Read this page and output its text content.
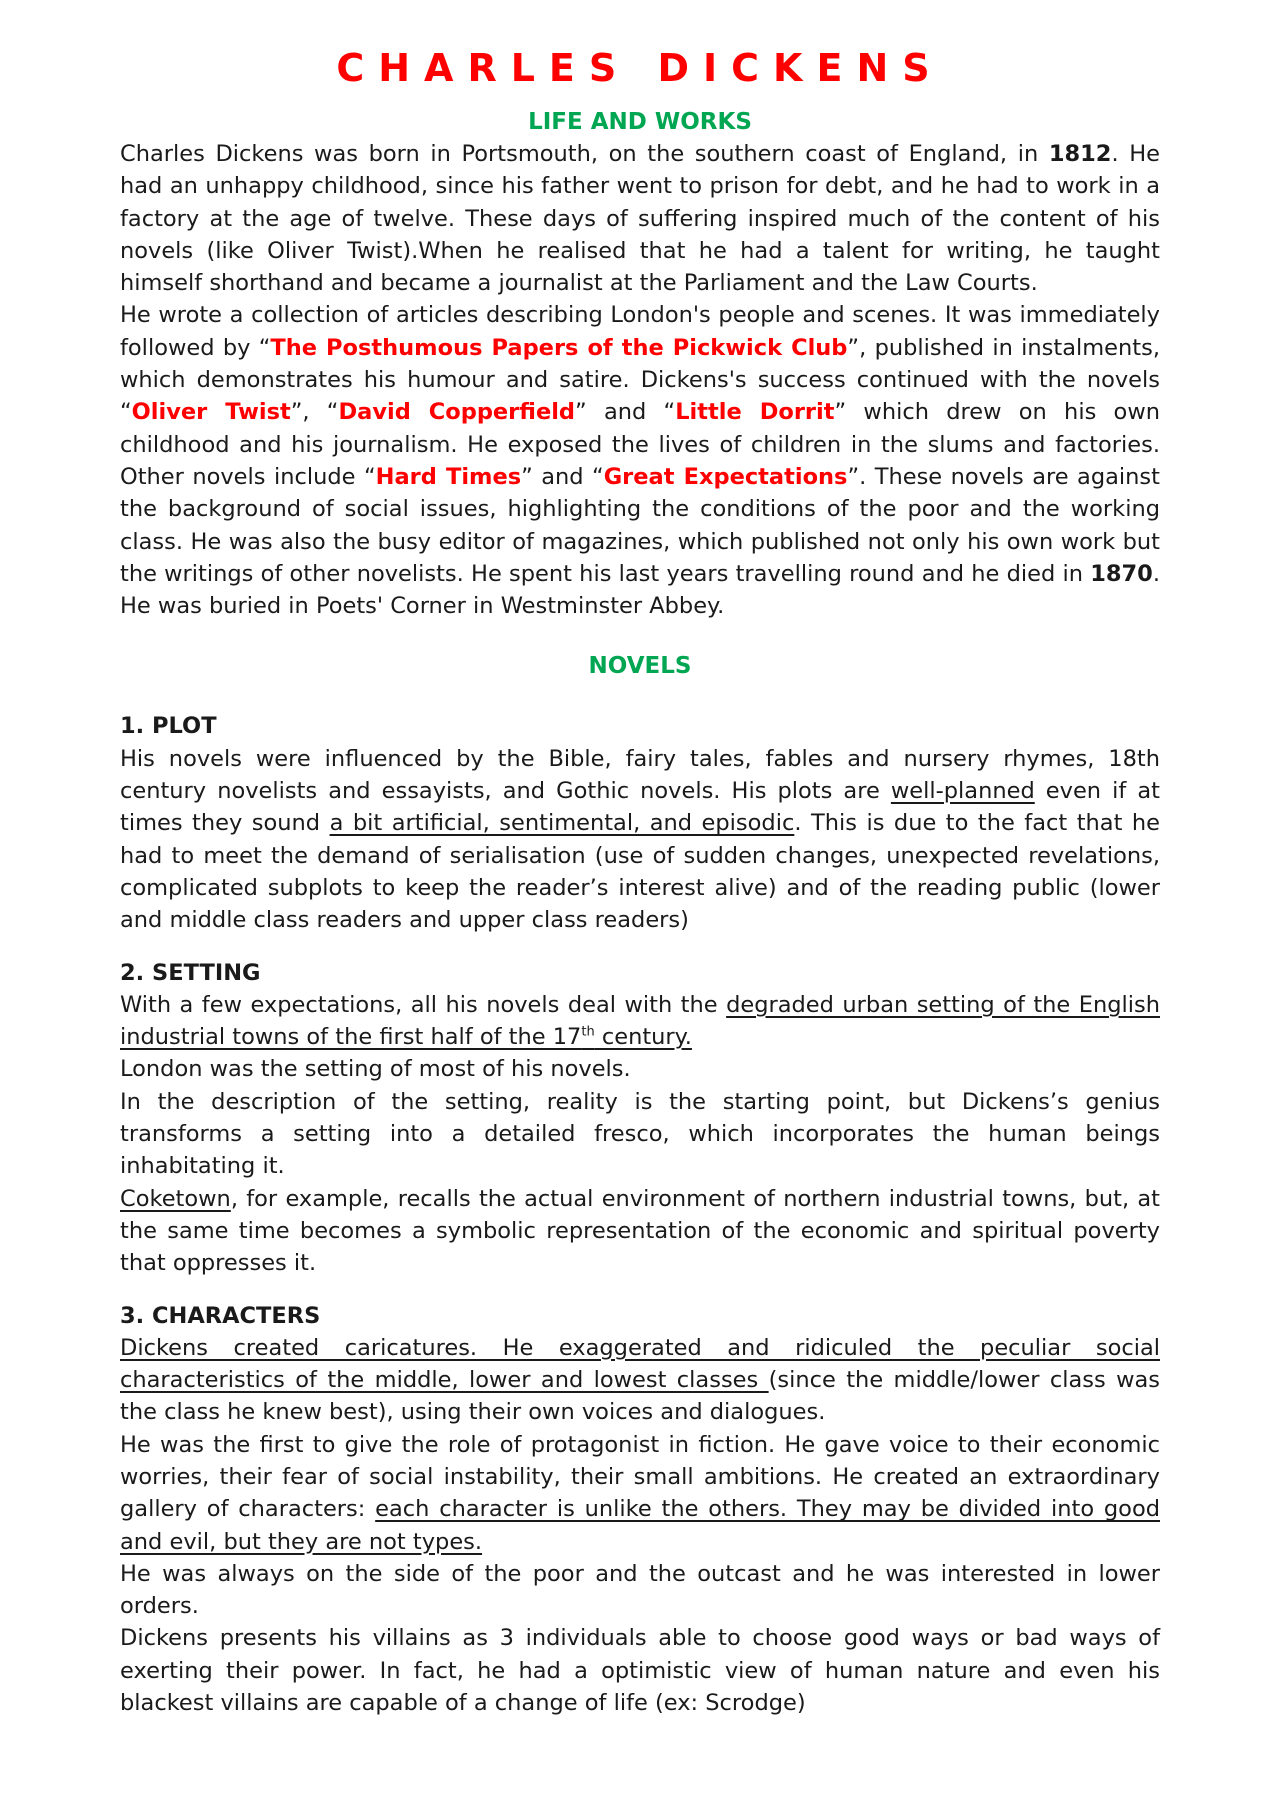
CHARLES DICKENS
LIFE AND WORKS

Charles Dickens was born in Portsmouth, on the southern coast of England, in 1812. He had an unhappy childhood, since his father went to prison for debt, and he had to work in a factory at the age of twelve. These days of suffering inspired much of the content of his novels (like Oliver Twist).When he realised that he had a talent for writing, he taught himself shorthand and became a journalist at the Parliament and the Law Courts.

He wrote a collection of articles describing London's people and scenes. It was immediately followed by “The Posthumous Papers of the Pickwick Club”, published in instalments, which demonstrates his humour and satire. Dickens's success continued with the novels “Oliver Twist”, “David Copperfield” and “Little Dorrit” which drew on his own childhood and his journalism. He exposed the lives of children in the slums and factories. Other novels include “Hard Times” and “Great Expectations”. These novels are against the background of social issues, highlighting the conditions of the poor and the working class. He was also the busy editor of magazines, which published not only his own work but the writings of other novelists. He spent his last years travelling round and he died in 1870. He was buried in Poets' Corner in Westminster Abbey.

NOVELS

1. PLOT

His novels were influenced by the Bible, fairy tales, fables and nursery rhymes, 18th century novelists and essayists, and Gothic novels. His plots are well-planned even if at times they sound a bit artificial, sentimental, and episodic. This is due to the fact that he had to meet the demand of serialisation (use of sudden changes, unexpected revelations, complicated subplots to keep the reader’s interest alive) and of the reading public (lower and middle class readers and upper class readers)

2. SETTING

With a few expectations, all his novels deal with the degraded urban setting of the English industrial towns of the first half of the 17th century.

London was the setting of most of his novels.

In the description of the setting, reality is the starting point, but Dickens’s genius transforms a setting into a detailed fresco, which incorporates the human beings inhabitating it.

Coketown, for example, recalls the actual environment of northern industrial towns, but, at the same time becomes a symbolic representation of the economic and spiritual poverty that oppresses it.

3. CHARACTERS

Dickens created caricatures. He exaggerated and ridiculed the peculiar social characteristics of the middle, lower and lowest classes (since the middle/lower class was the class he knew best), using their own voices and dialogues.

He was the first to give the role of protagonist in fiction. He gave voice to their economic worries, their fear of social instability, their small ambitions. He created an extraordinary gallery of characters: each character is unlike the others. They may be divided into good and evil, but they are not types.

He was always on the side of the poor and the outcast and he was interested in lower orders.

Dickens presents his villains as 3 individuals able to choose good ways or bad ways of exerting their power. In fact, he had a optimistic view of human nature and even his blackest villains are capable of a change of life (ex: Scrodge)
